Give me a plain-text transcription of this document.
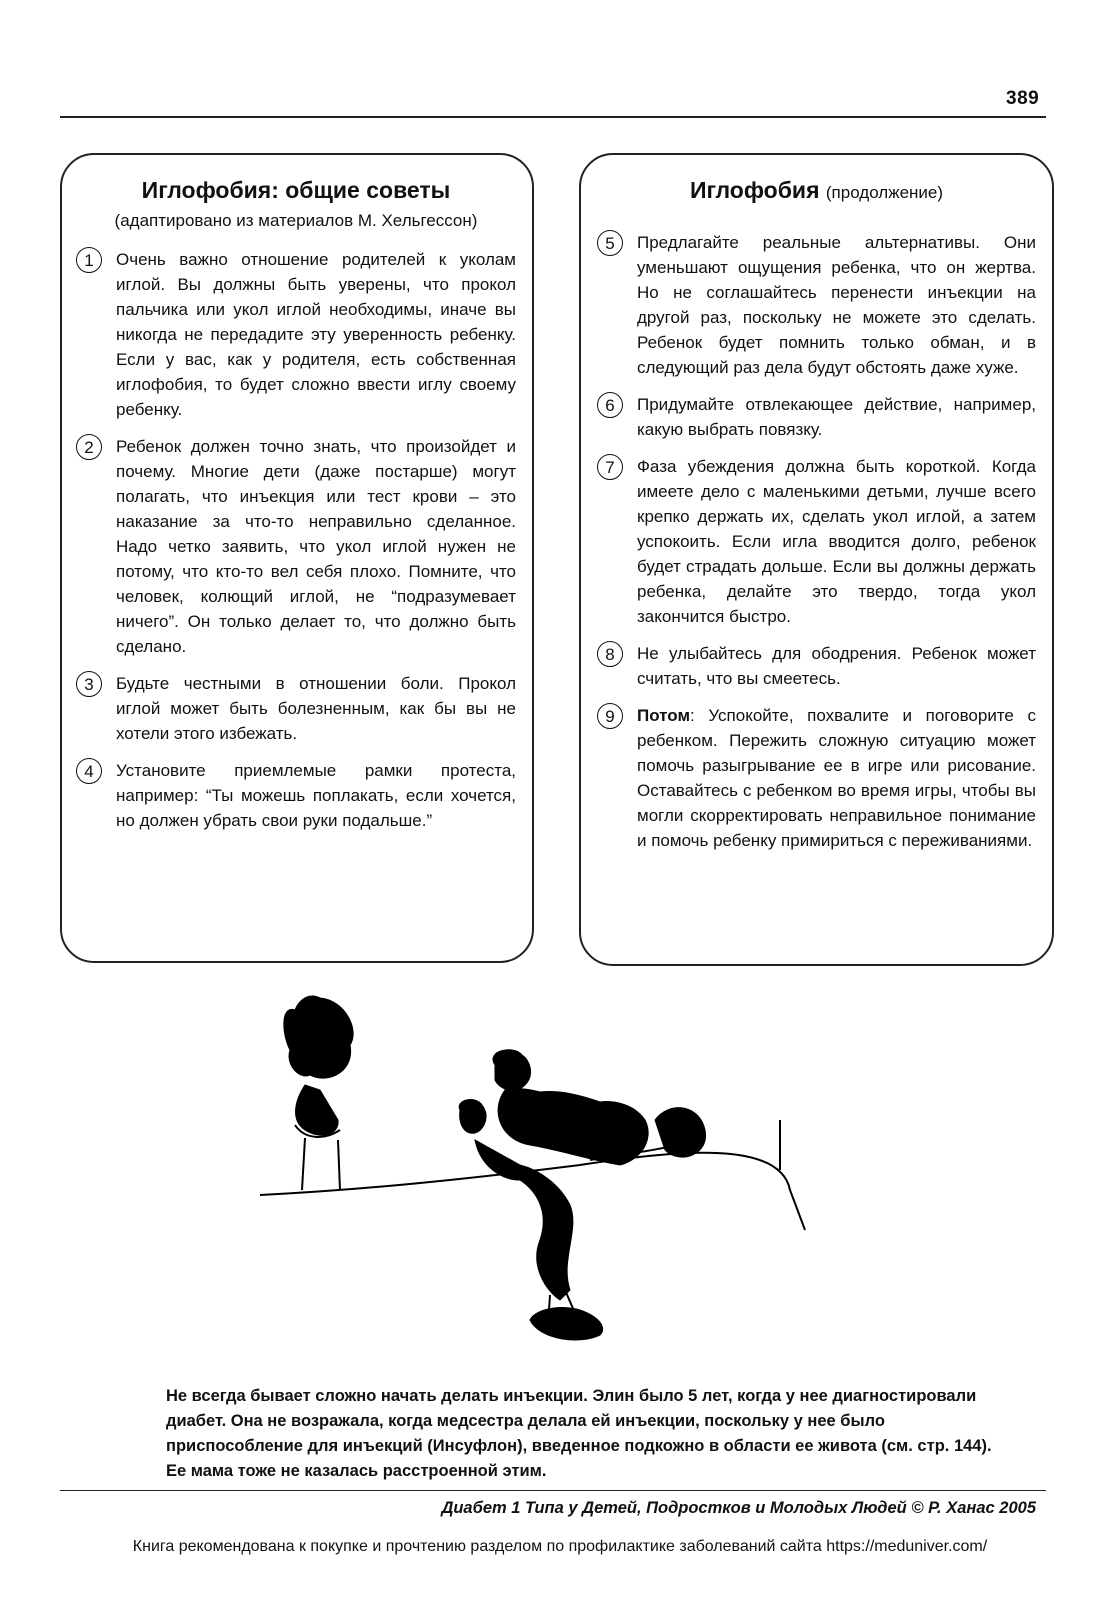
389
Иглофобия: общие советы
(адаптировано из материалов М. Хельгессон)
1	Очень важно отношение родителей к уколам иглой. Вы должны быть уверены, что прокол пальчика или укол иглой необходимы, иначе вы никогда не передадите эту уверенность ребенку. Если у вас, как у родителя, есть собственная иглофобия, то будет сложно ввести иглу своему ребенку.
2	Ребенок должен точно знать, что произойдет и почему. Многие дети (даже постарше) могут полагать, что инъекция или тест крови – это наказание за что-то неправильно сделанное. Надо четко заявить, что укол иглой нужен не потому, что кто-то вел себя плохо. Помните, что человек, колющий иглой, не “подразумевает ничего”. Он только делает то, что должно быть сделано.
3	Будьте честными в отношении боли. Прокол иглой может быть болезненным, как бы вы не хотели этого избежать.
4	Установите приемлемые рамки протеста, например: “Ты можешь поплакать, если хочется, но должен убрать свои руки подальше.”
Иглофобия (продолжение)
5	Предлагайте реальные альтернативы. Они уменьшают ощущения ребенка, что он жертва. Но не соглашайтесь перенести инъекции на другой раз, поскольку не можете это сделать. Ребенок будет помнить только обман, и в следующий раз дела будут обстоять даже хуже.
6	Придумайте отвлекающее действие, например, какую выбрать повязку.
7	Фаза убеждения должна быть короткой. Когда имеете дело с маленькими детьми, лучше всего крепко держать их, сделать укол иглой, а затем успокоить. Если игла вводится долго, ребенок будет страдать дольше. Если вы должны держать ребенка, делайте это твердо, тогда укол закончится быстро.
8	Не улыбайтесь для ободрения. Ребенок может считать, что вы смеетесь.
9	Потом: Успокойте, похвалите и поговорите с ребенком. Пережить сложную ситуацию может помочь разыгрывание ее в игре или рисование. Оставайтесь с ребенком во время игры, чтобы вы могли скорректировать неправильное понимание и помочь ребенку примириться с переживаниями.
Не всегда бывает сложно начать делать инъекции. Элин было 5 лет, когда у нее диагностировали диабет. Она не возражала, когда медсестра делала ей инъекции, поскольку у нее было приспособление для инъекций (Инсуфлон), введенное подкожно в области ее живота (см. стр. 144). Ее мама тоже не казалась расстроенной этим.
Диабет 1 Типа у Детей, Подростков и Молодых Людей © Р. Ханас 2005
Книга рекомендована к покупке и прочтению разделом по профилактике заболеваний сайта https://meduniver.com/
